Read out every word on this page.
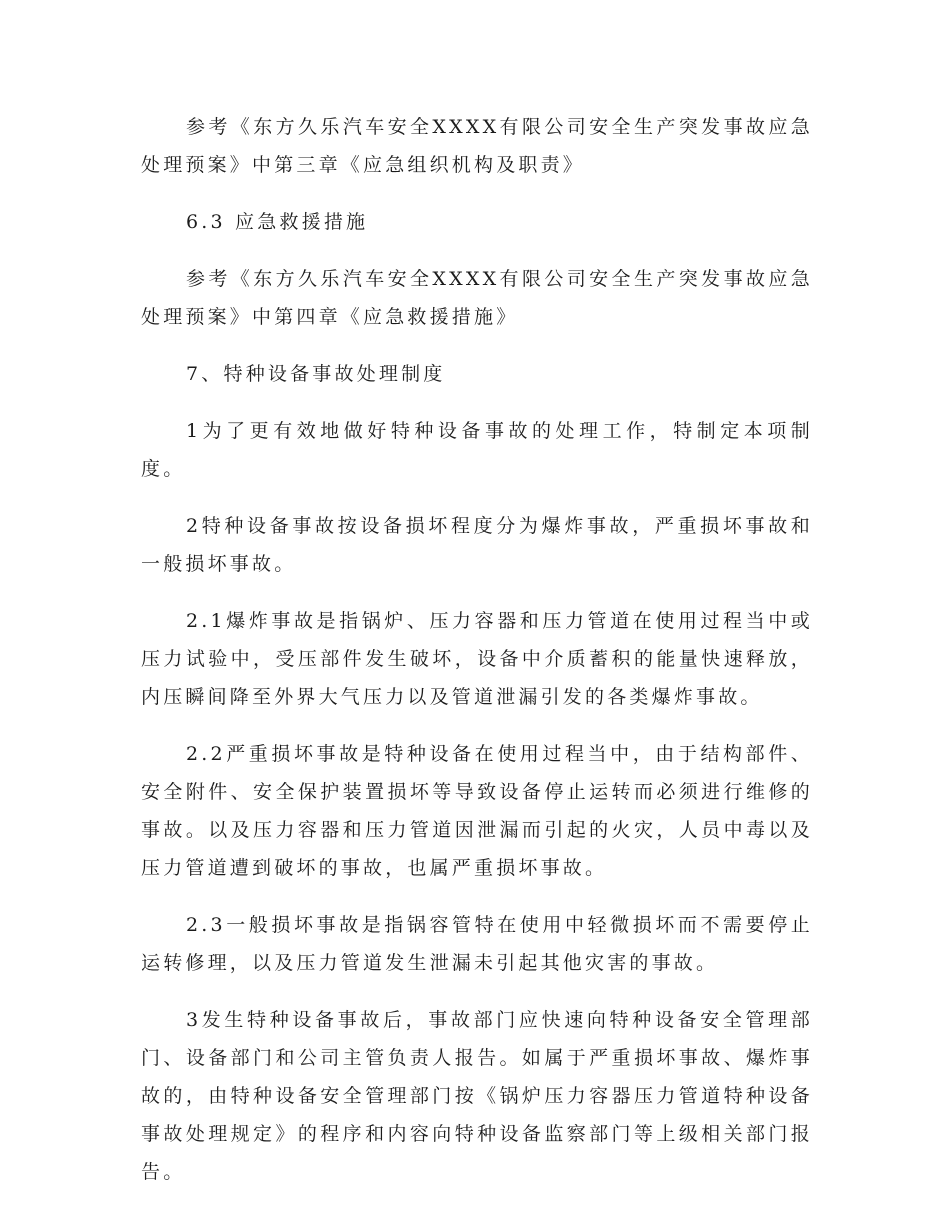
参考《东方久乐汽车安全XXXX有限公司安全生产突发事故应急处理预案》中第三章《应急组织机构及职责》

6.3 应急救援措施

参考《东方久乐汽车安全XXXX有限公司安全生产突发事故应急处理预案》中第四章《应急救援措施》

7、特种设备事故处理制度

1为了更有效地做好特种设备事故的处理工作，特制定本项制度。

2特种设备事故按设备损坏程度分为爆炸事故，严重损坏事故和一般损坏事故。

2.1爆炸事故是指锅炉、压力容器和压力管道在使用过程当中或压力试验中，受压部件发生破坏，设备中介质蓄积的能量快速释放，内压瞬间降至外界大气压力以及管道泄漏引发的各类爆炸事故。

2.2严重损坏事故是特种设备在使用过程当中，由于结构部件、安全附件、安全保护装置损坏等导致设备停止运转而必须进行维修的事故。以及压力容器和压力管道因泄漏而引起的火灾，人员中毒以及压力管道遭到破坏的事故，也属严重损坏事故。

2.3一般损坏事故是指锅容管特在使用中轻微损坏而不需要停止运转修理，以及压力管道发生泄漏未引起其他灾害的事故。

3发生特种设备事故后，事故部门应快速向特种设备安全管理部门、设备部门和公司主管负责人报告。如属于严重损坏事故、爆炸事故的，由特种设备安全管理部门按《锅炉压力容器压力管道特种设备事故处理规定》的程序和内容向特种设备监察部门等上级相关部门报告。
